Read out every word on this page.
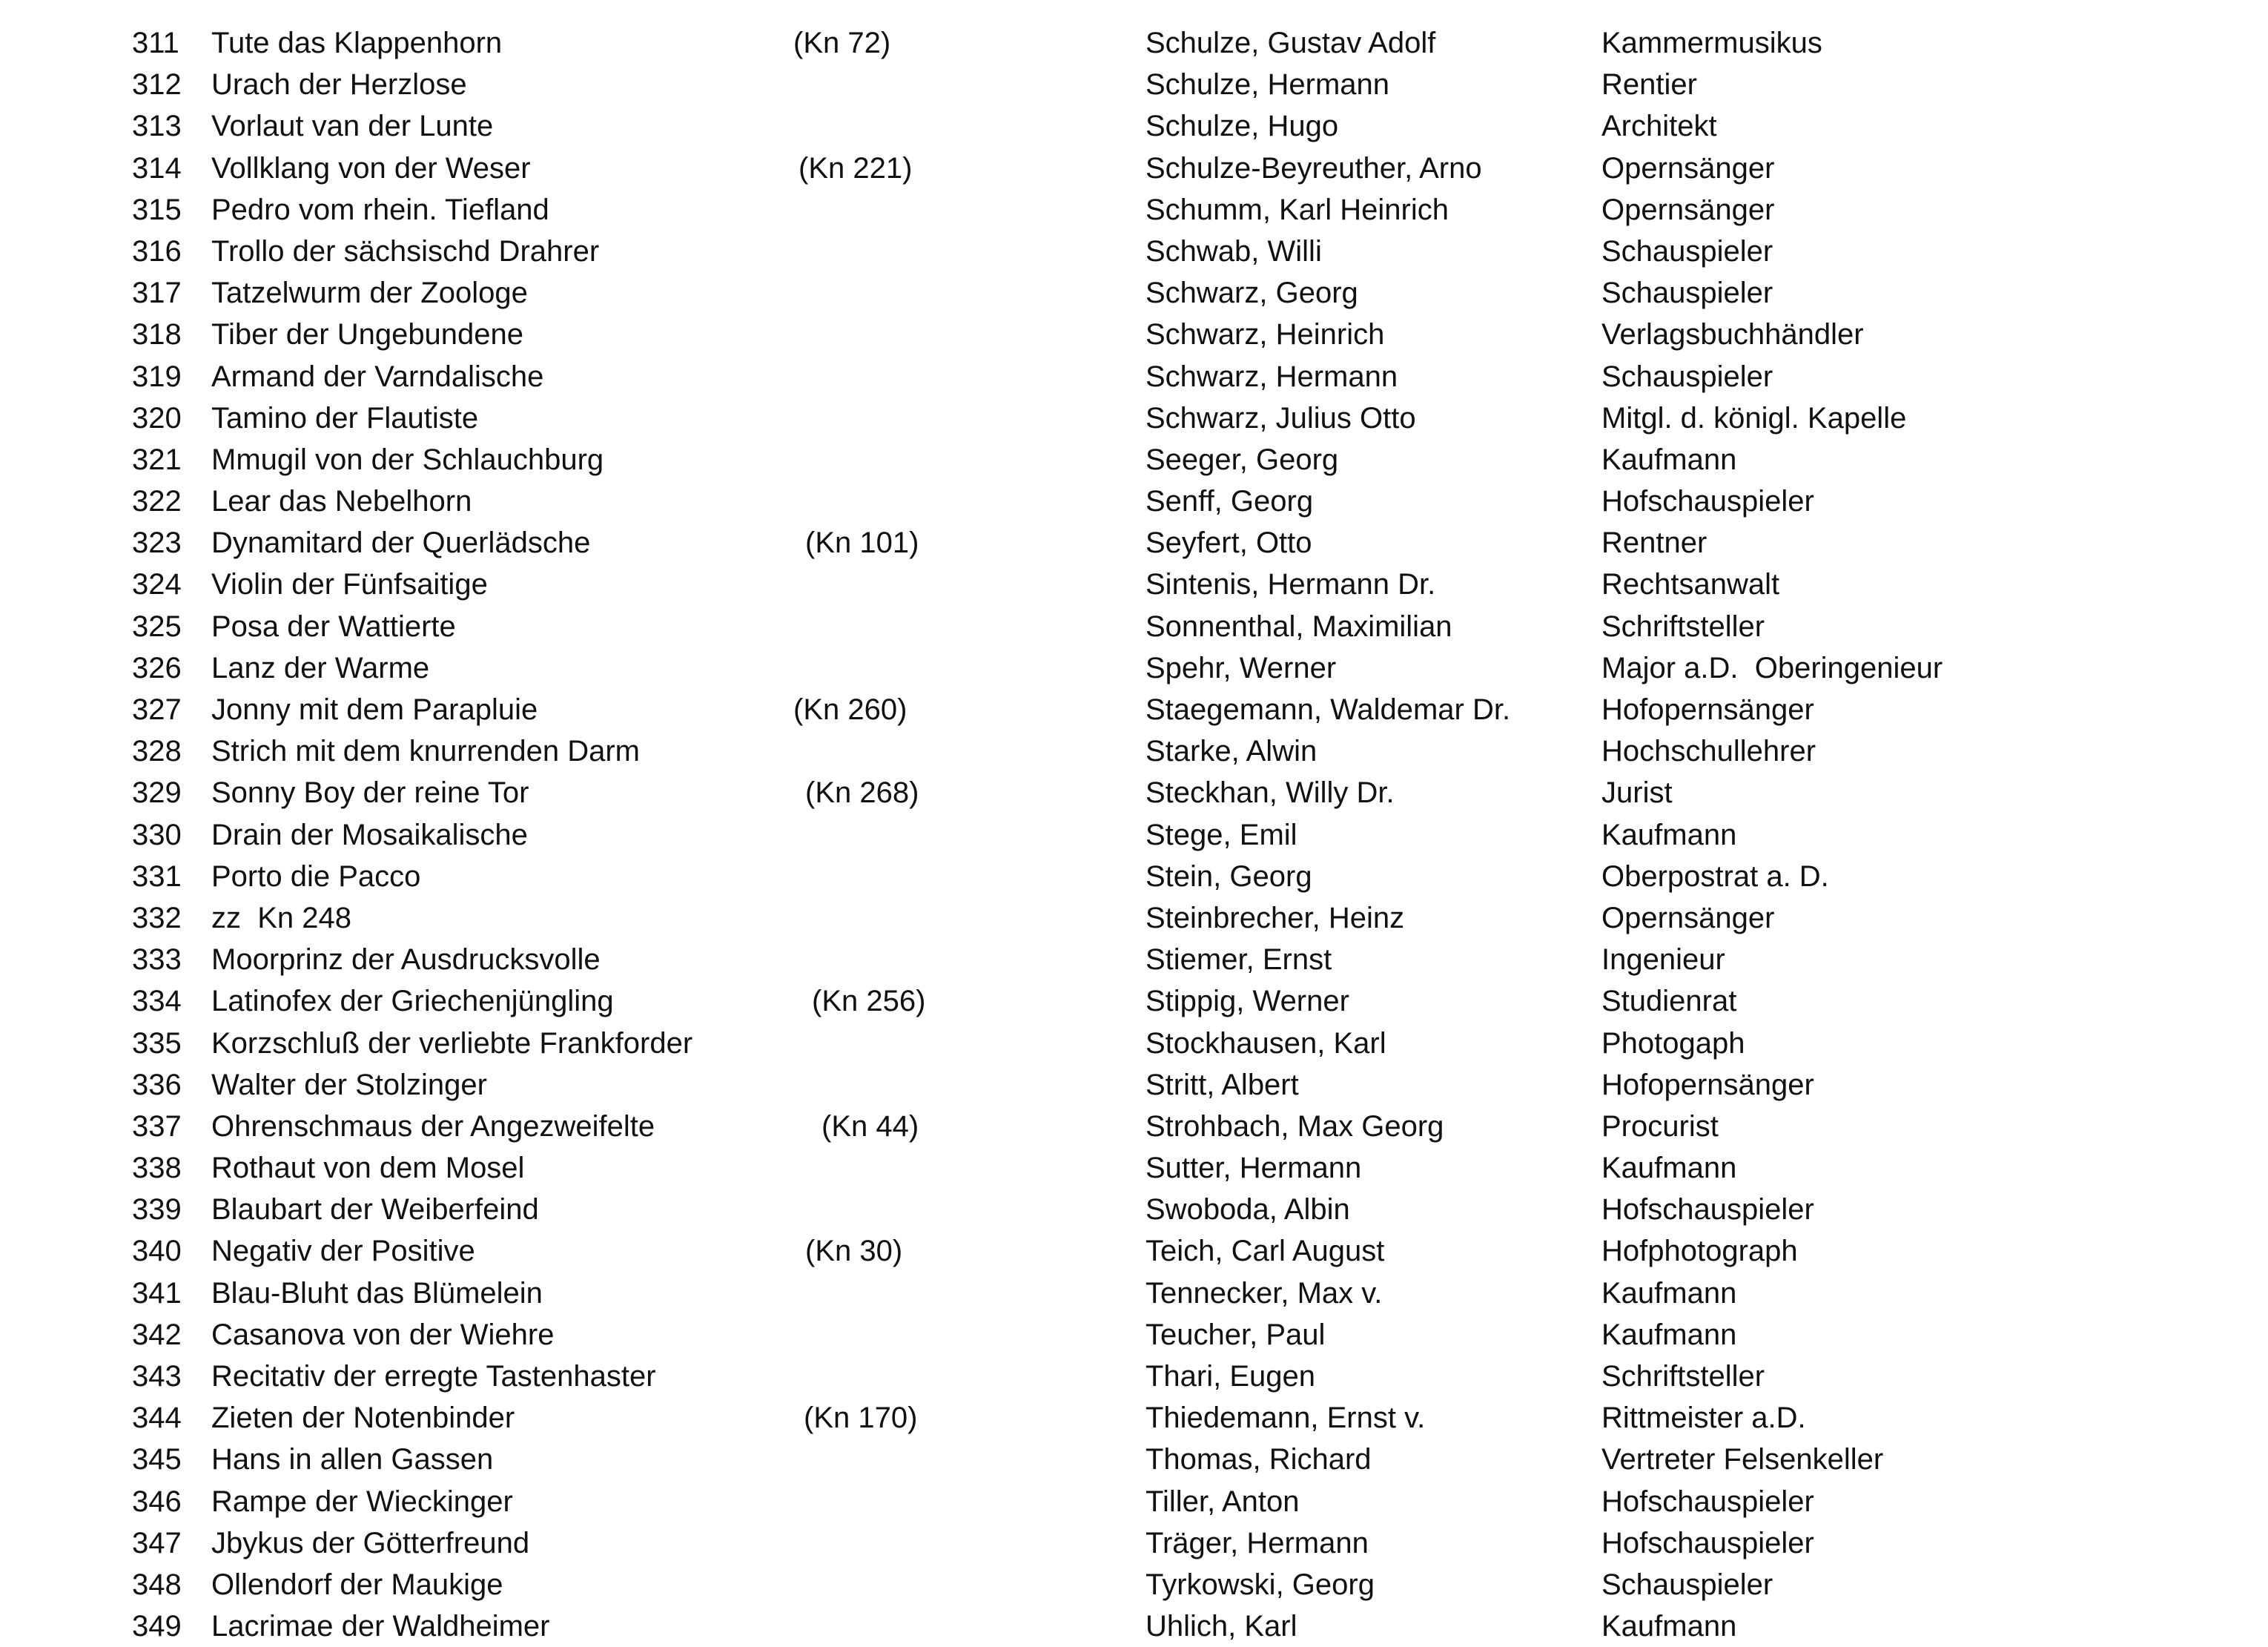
311 Tute das Klappenhorn	(Kn 72)	Schulze, Gustav Adolf	Kammermusikus
312 Urach der Herzlose	Schulze, Hermann	Rentier
313 Vorlaut van der Lunte	Schulze, Hugo	Architekt
314 Vollklang von der Weser	(Kn 221)	Schulze-Beyreuther, Arno	Opernsänger
315 Pedro vom rhein. Tiefland	Schumm, Karl Heinrich	Opernsänger
316 Trollo der sächsischd Drahrer	Schwab, Willi	Schauspieler
317 Tatzelwurm der Zoologe	Schwarz, Georg	Schauspieler
318 Tiber der Ungebundene	Schwarz, Heinrich	Verlagsbuchhändler
319 Armand der Varndalische	Schwarz, Hermann	Schauspieler
320 Tamino der Flautiste	Schwarz, Julius Otto	Mitgl. d. königl. Kapelle
321 Mmugil von der Schlauchburg	Seeger, Georg	Kaufmann
322 Lear das Nebelhorn	Senff, Georg	Hofschauspieler
323 Dynamitard der Querlädsche	(Kn 101)	Seyfert, Otto	Rentner
324 Violin der Fünfsaitige	Sintenis, Hermann Dr.	Rechtsanwalt
325 Posa der Wattierte	Sonnenthal, Maximilian	Schriftsteller
326 Lanz der Warme	Spehr, Werner	Major a.D.  Oberingenieur
327 Jonny mit dem Parapluie	(Kn 260)	Staegemann, Waldemar Dr.	Hofopernsänger
328 Strich mit dem knurrenden Darm	Starke, Alwin	Hochschullehrer
329 Sonny Boy der reine Tor	(Kn 268)	Steckhan, Willy Dr.	Jurist
330 Drain der Mosaikalische	Stege, Emil	Kaufmann
331 Porto die Pacco	Stein, Georg	Oberpostrat a. D.
332 zz  Kn 248	Steinbrecher, Heinz	Opernsänger
333 Moorprinz der Ausdrucksvolle	Stiemer, Ernst	Ingenieur
334 Latinofex der Griechenjüngling	(Kn 256)	Stippig, Werner	Studienrat
335 Korzschluß der verliebte Frankforder	Stockhausen, Karl	Photogaph
336 Walter der Stolzinger	Stritt, Albert	Hofopernsänger
337 Ohrenschmaus der Angezweifelte	(Kn 44)	Strohbach, Max Georg	Procurist
338 Rothaut von dem Mosel	Sutter, Hermann	Kaufmann
339 Blaubart der Weiberfeind	Swoboda, Albin	Hofschauspieler
340 Negativ der Positive	(Kn 30)	Teich, Carl August	Hofphotograph
341 Blau-Bluht das Blümelein	Tennecker, Max v.	Kaufmann
342 Casanova von der Wiehre	Teucher, Paul	Kaufmann
343 Recitativ der erregte Tastenhaster	Thari, Eugen	Schriftsteller
344 Zieten der Notenbinder	(Kn 170)	Thiedemann, Ernst v.	Rittmeister a.D.
345 Hans in allen Gassen	Thomas, Richard	Vertreter Felsenkeller
346 Rampe der Wieckinger	Tiller, Anton	Hofschauspieler
347 Jbykus der Götterfreund	Träger, Hermann	Hofschauspieler
348 Ollendorf der Maukige	Tyrkowski, Georg	Schauspieler
349 Lacrimae der Waldheimer	Uhlich, Karl	Kaufmann
